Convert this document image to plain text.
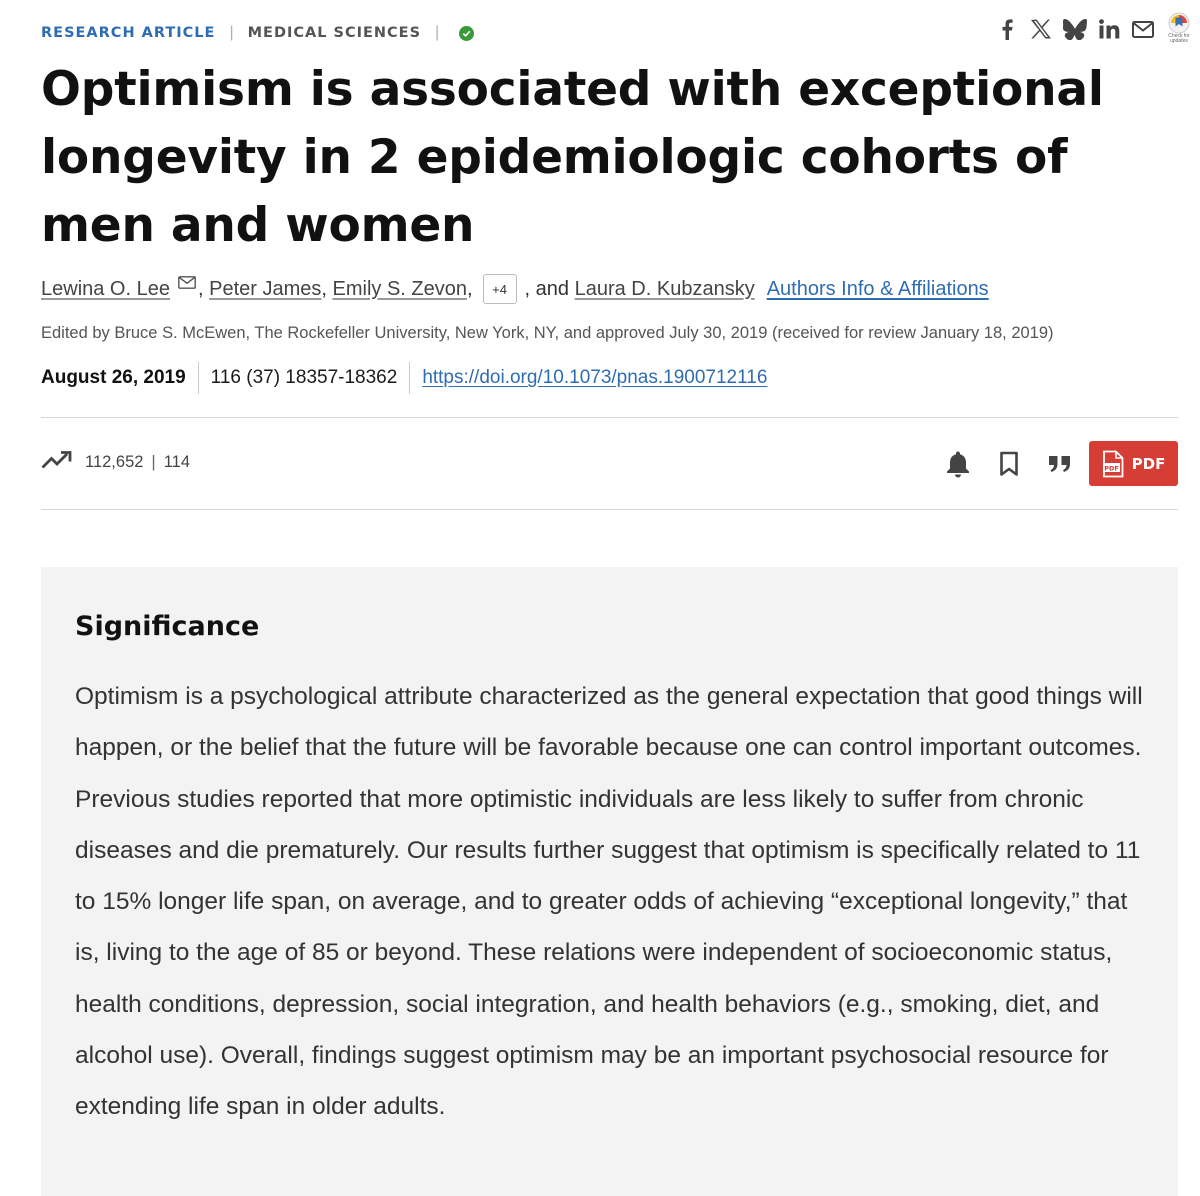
RESEARCH ARTICLE | MEDICAL SCIENCES |	Check for updates
Optimism is associated with exceptional longevity in 2 epidemiologic cohorts of men and women
Lewina O. Lee ,
Peter James ,
Emily S. Zevon ,	+4 , and
Laura D. Kubzansky Authors Info & Affiliations
Edited by Bruce S. McEwen, The Rockefeller University, New York, NY, and approved July 30, 2019 (received for review January 18, 2019)
August 26, 2019 116 (37) 18357-18362 https://doi.org/10.1073/pnas.1900712116
112,652 | 114	PDF PDF
Significance

Optimism is a psychological attribute characterized as the general expectation that good things will happen, or the belief that the future will be favorable because one can control important outcomes. Previous studies reported that more optimistic individuals are less likely to suffer from chronic diseases and die prematurely. Our results further suggest that optimism is specifically related to 11 to 15% longer life span, on average, and to greater odds of achieving “exceptional longevity,” that is, living to the age of 85 or beyond. These relations were independent of socioeconomic status, health conditions, depression, social integration, and health behaviors (e.g., smoking, diet, and alcohol use). Overall, findings suggest optimism may be an important psychosocial resource for extending life span in older adults.
